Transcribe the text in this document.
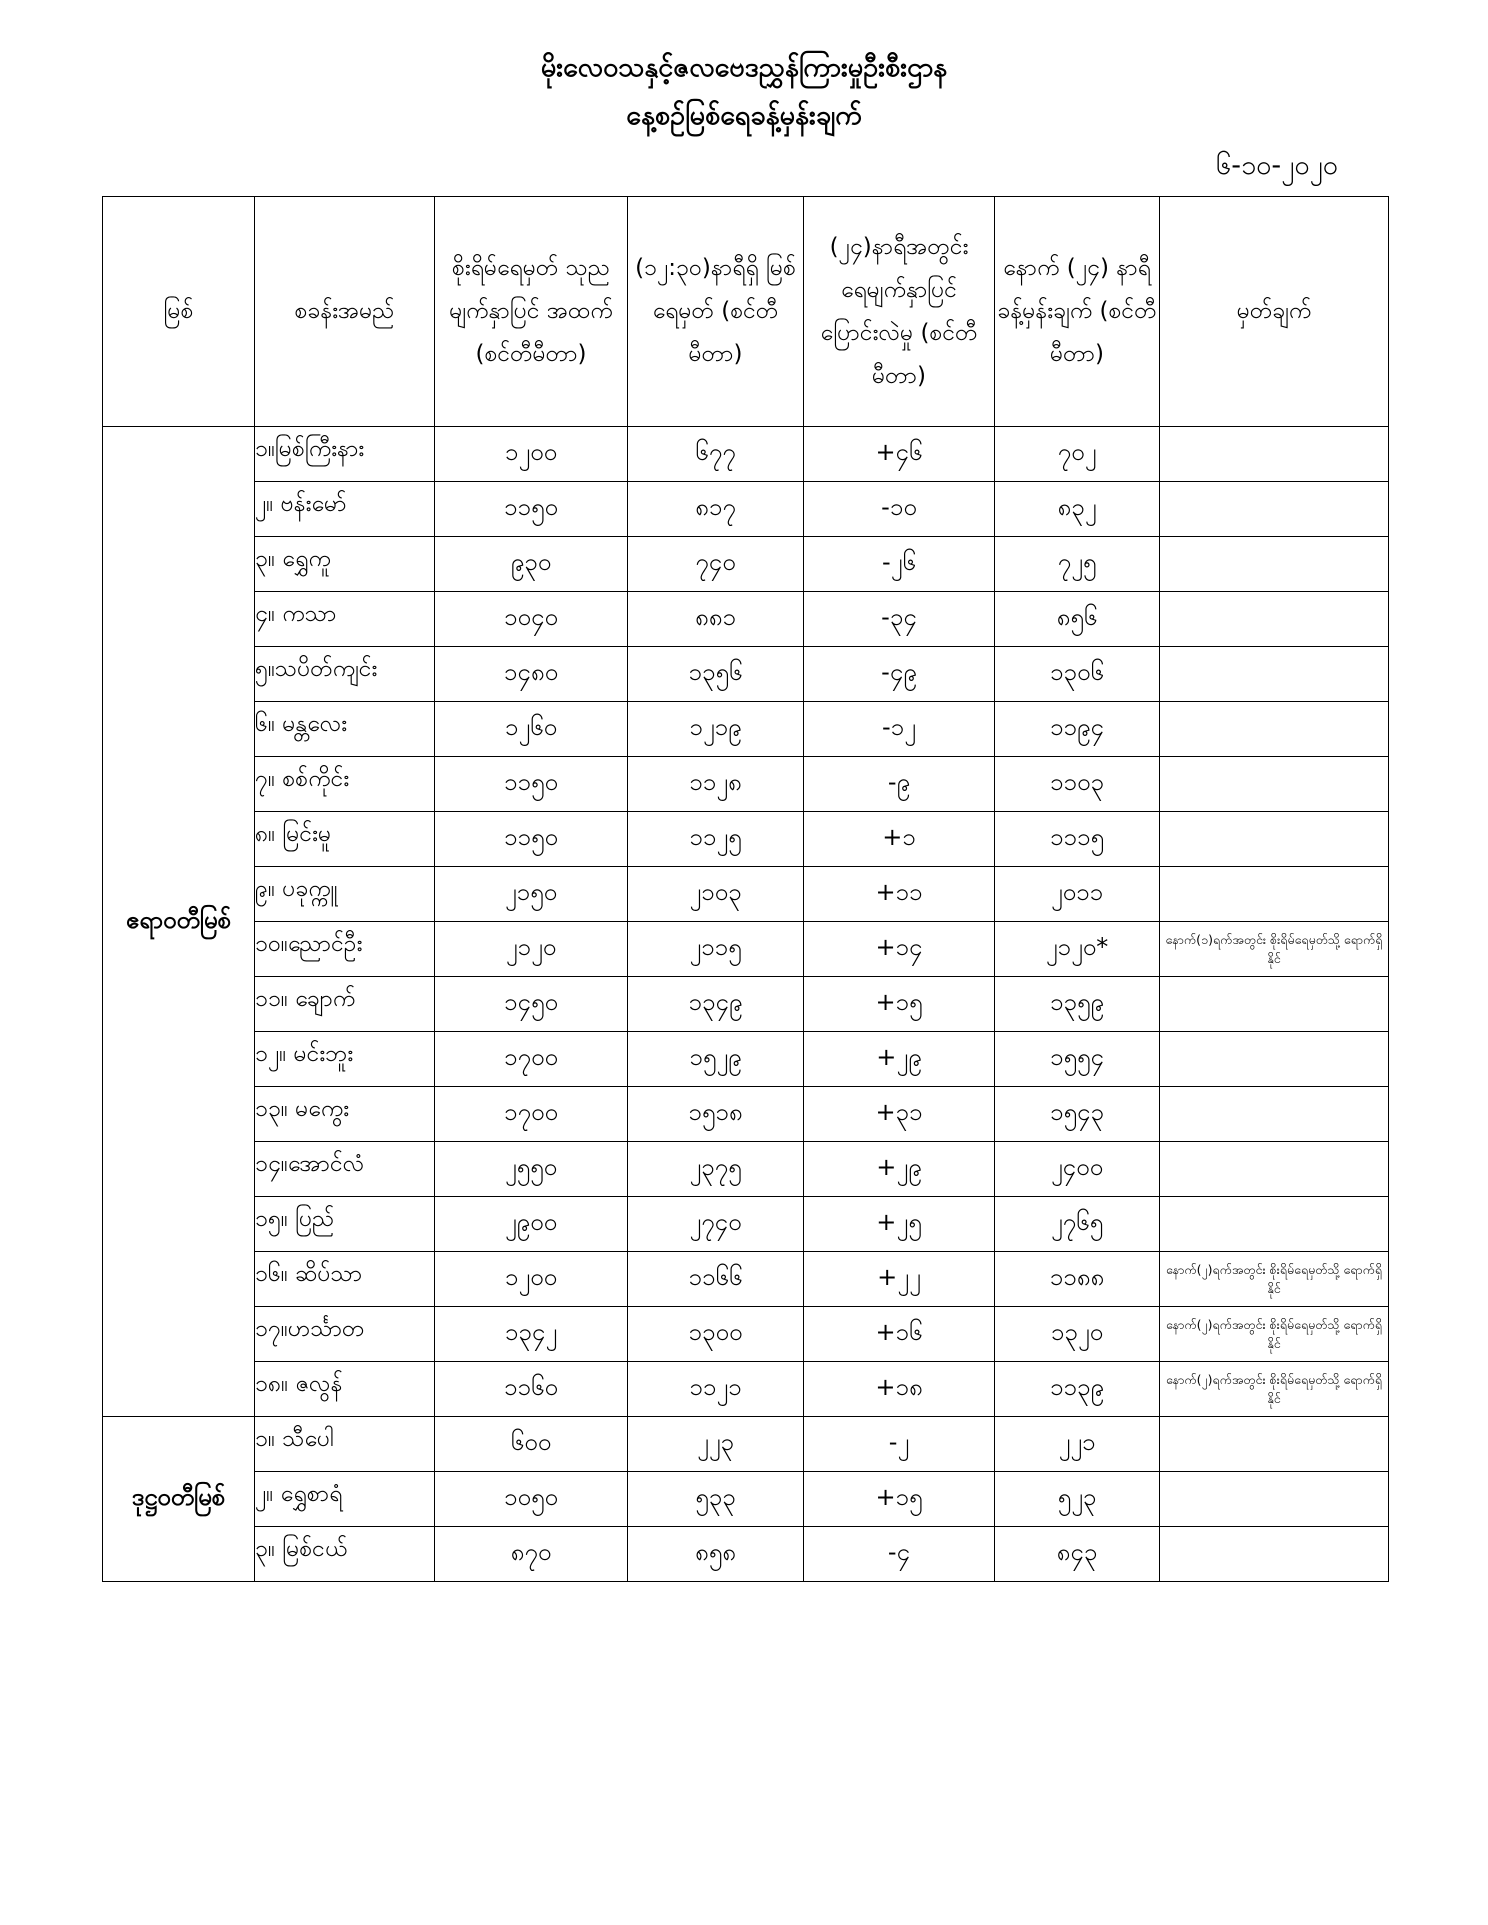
မိုးလေဝသနှင့်ဇလဗေဒညွှန်ကြားမှုဦးစီးဌာန
နေ့စဉ်မြစ်ရေခန့်မှန်းချက်
၆-၁၀-၂၀၂၀
မြစ်	စခန်းအမည်	စိုးရိမ်ရေမှတ် သုညမျက်နှာပြင် အထက် (စင်တီမီတာ)	(၁၂:၃၀)နာရီရှိ မြစ်ရေမှတ် (စင်တီမီတာ)	(၂၄)နာရီအတွင်း ရေမျက်နှာပြင် ပြောင်းလဲမှု (စင်တီမီတာ)	နောက် (၂၄) နာရီ ခန့်မှန်းချက် (စင်တီမီတာ)	မှတ်ချက်
ဧရာဝတီမြစ်	၁။မြစ်ကြီးနား	၁၂၀၀	၆၇၇	+၄၆	၇၀၂	
	၂။ ဗန်းမော်	၁၁၅၀	၈၁၇	-၁၀	၈၃၂	
	၃။ ရွှေကူ	၉၃၀	၇၄၀	-၂၆	၇၂၅	
	၄။ ကသာ	၁၀၄၀	၈၈၁	-၃၄	၈၅၆	
	၅။သပိတ်ကျင်း	၁၄၈၀	၁၃၅၆	-၄၉	၁၃၀၆	
	၆။ မန္တလေး	၁၂၆၀	၁၂၁၉	-၁၂	၁၁၉၄	
	၇။ စစ်ကိုင်း	၁၁၅၀	၁၁၂၈	-၉	၁၁၀၃	
	၈။ မြင်းမူ	၁၁၅၀	၁၁၂၅	+၁	၁၁၁၅	
	၉။ ပခုက္ကူ	၂၁၅၀	၂၁၀၃	+၁၁	၂၀၁၁	
	၁၀။ညောင်ဦး	၂၁၂၀	၂၁၁၅	+၁၄	၂၁၂၀*	နောက်(၁)ရက်အတွင်း စိုးရိမ်ရေမှတ်သို့ ရောက်ရှိနိုင်
	၁၁။ ချောက်	၁၄၅၀	၁၃၄၉	+၁၅	၁၃၅၉	
	၁၂။ မင်းဘူး	၁၇၀၀	၁၅၂၉	+၂၉	၁၅၅၄	
	၁၃။ မကွေး	၁၇၀၀	၁၅၁၈	+၃၁	၁၅၄၃	
	၁၄။အောင်လံ	၂၅၅၀	၂၃၇၅	+၂၉	၂၄၀၀	
	၁၅။ ပြည်	၂၉၀၀	၂၇၄၀	+၂၅	၂၇၆၅	
	၁၆။ ဆိပ်သာ	၁၂၀၀	၁၁၆၆	+၂၂	၁၁၈၈	နောက်(၂)ရက်အတွင်း စိုးရိမ်ရေမှတ်သို့ ရောက်ရှိနိုင်
	၁၇။ဟင်္သာတ	၁၃၄၂	၁၃၀၀	+၁၆	၁၃၂၀	နောက်(၂)ရက်အတွင်း စိုးရိမ်ရေမှတ်သို့ ရောက်ရှိနိုင်
	၁၈။ ဇလွန်	၁၁၆၀	၁၁၂၁	+၁၈	၁၁၃၉	နောက်(၂)ရက်အတွင်း စိုးရိမ်ရေမှတ်သို့ ရောက်ရှိနိုင်
ဒုဋ္ဌဝတီမြစ်	၁။ သီပေါ	၆၀၀	၂၂၃	-၂	၂၂၁	
	၂။ ရွှေစာရံ	၁၀၅၀	၅၃၃	+၁၅	၅၂၃	
	၃။ မြစ်ငယ်	၈၇၀	၈၅၈	-၄	၈၄၃	
